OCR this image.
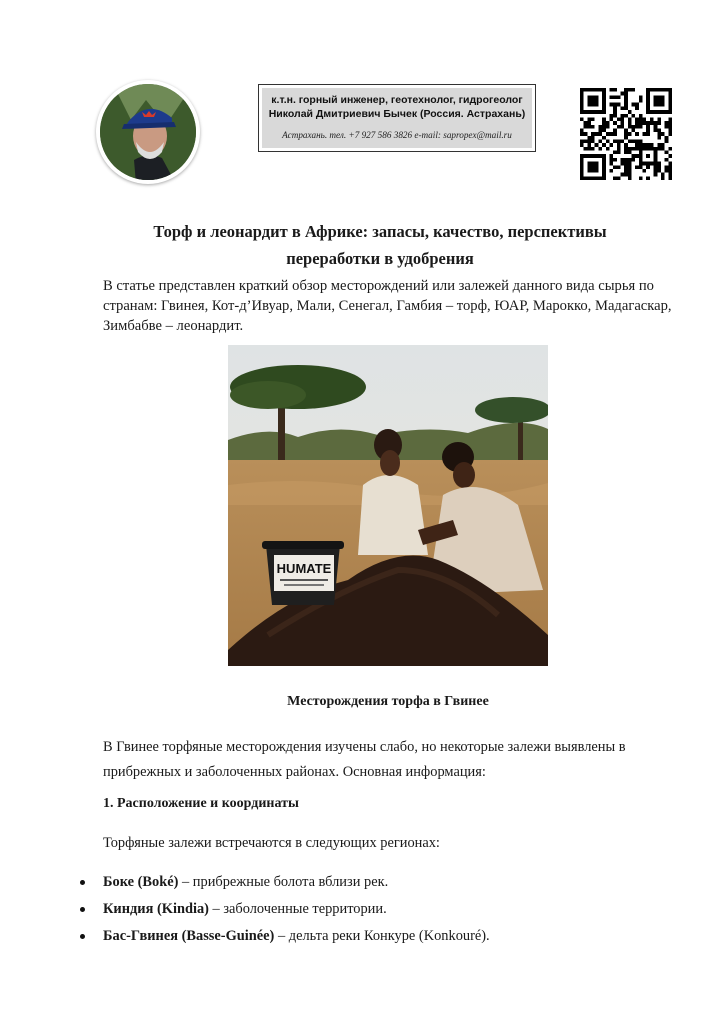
к.т.н. горный инженер, геотехнолог, гидрогеолог
Николай Дмитриевич Бычек (Россия. Астрахань)
Астрахань. тел. +7 927 586 3826 e-mail: sapropex@mail.ru
Торф и леонардит в Африке: запасы, качество, перспективы
переработки в удобрения
В статье представлен краткий обзор месторождений или залежей данного вида сырья по странам: Гвинея, Кот-д’Ивуар, Мали, Сенегал, Гамбия – торф, ЮАР, Марокко, Мадагаскар, Зимбабве – леонардит.
HUMATE
Месторождения торфа в Гвинее
В Гвинее торфяные месторождения изучены слабо, но некоторые залежи выявлены в прибрежных и заболоченных районах. Основная информация:
1. Расположение и координаты
Торфяные залежи встречаются в следующих регионах:
Боке (Boké) – прибрежные болота вблизи рек.
Киндия (Kindia) – заболоченные территории.
Бас-Гвинея (Basse-Guinée) – дельта реки Конкуре (Konkouré).
